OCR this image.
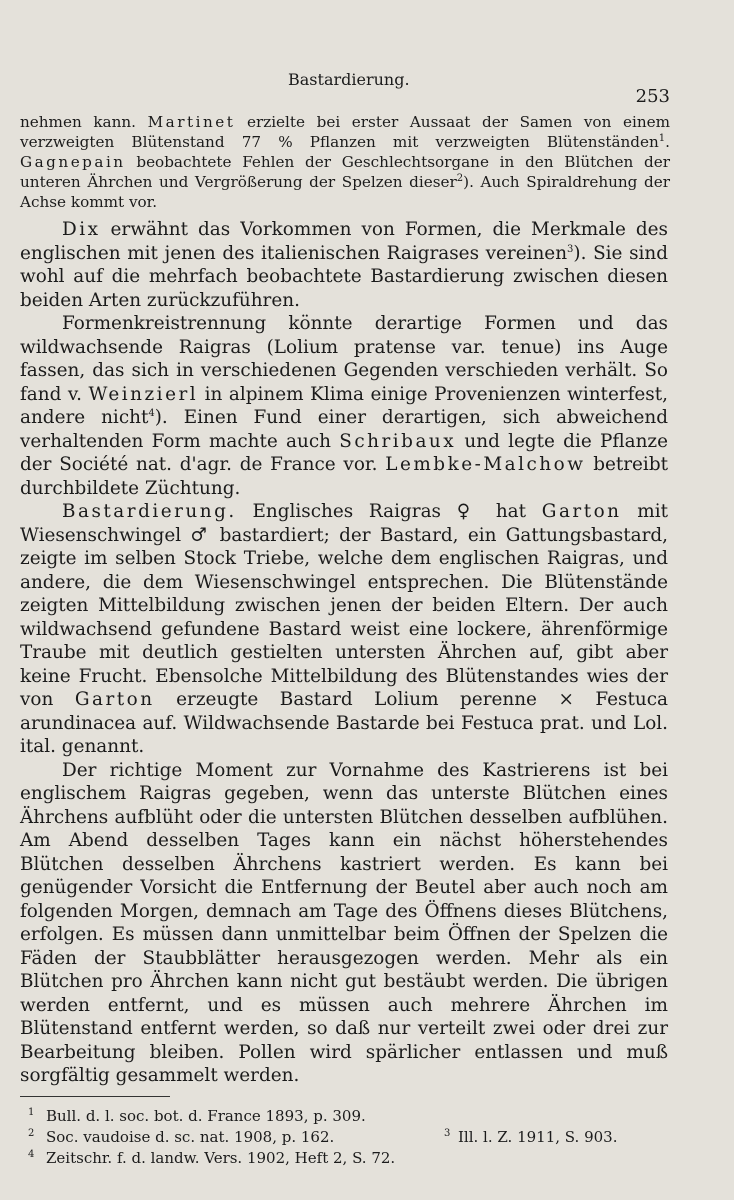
Bastardierung.
253

nehmen kann. Martinet erzielte bei erster Aussaat der Samen von einem verzweigten Blütenstand 77 % Pflanzen mit verzweigten Blütenständen$^1$. Gagnepain beobachtete Fehlen der Geschlechtsorgane in den Blütchen der unteren Ährchen und Vergrößerung der Spelzen dieser$^2$). Auch Spiraldrehung der Achse kommt vor.

Dix erwähnt das Vorkommen von Formen, die Merkmale des englischen mit jenen des italienischen Raigrases vereinen$^3$). Sie sind wohl auf die mehrfach beobachtete Bastardierung zwischen diesen beiden Arten zurückzuführen.

Formenkreistrennung könnte derartige Formen und das wildwachsende Raigras (Lolium pratense var. tenue) ins Auge fassen, das sich in verschiedenen Gegenden verschieden verhält. So fand v. Weinzierl in alpinem Klima einige Provenienzen winterfest, andere nicht$^4$). Einen Fund einer derartigen, sich abweichend verhaltenden Form machte auch Schribaux und legte die Pflanze der Société nat. d'agr. de France vor. Lembke-Malchow betreibt durchbildete Züchtung.

Bastardierung. Englisches Raigras ♀ hat Garton mit Wiesenschwingel ♂ bastardiert; der Bastard, ein Gattungsbastard, zeigte im selben Stock Triebe, welche dem englischen Raigras, und andere, die dem Wiesenschwingel entsprechen. Die Blütenstände zeigten Mittelbildung zwischen jenen der beiden Eltern. Der auch wildwachsend gefundene Bastard weist eine lockere, ährenförmige Traube mit deutlich gestielten untersten Ährchen auf, gibt aber keine Frucht. Ebensolche Mittelbildung des Blütenstandes wies der von Garton erzeugte Bastard Lolium perenne × Festuca arundinacea auf. Wildwachsende Bastarde bei Festuca prat. und Lol. ital. genannt.

Der richtige Moment zur Vornahme des Kastrierens ist bei englischem Raigras gegeben, wenn das unterste Blütchen eines Ährchens aufblüht oder die untersten Blütchen desselben aufblühen. Am Abend desselben Tages kann ein nächst höherstehendes Blütchen desselben Ährchens kastriert werden. Es kann bei genügender Vorsicht die Entfernung der Beutel aber auch noch am folgenden Morgen, demnach am Tage des Öffnens dieses Blütchens, erfolgen. Es müssen dann unmittelbar beim Öffnen der Spelzen die Fäden der Staubblätter herausgezogen werden. Mehr als ein Blütchen pro Ährchen kann nicht gut bestäubt werden. Die übrigen werden entfernt, und es müssen auch mehrere Ährchen im Blütenstand entfernt werden, so daß nur verteilt zwei oder drei zur Bearbeitung bleiben. Pollen wird spärlicher entlassen und muß sorgfältig gesammelt werden.

1 Bull. d. l. soc. bot. d. France 1893, p. 309.
2 Soc. vaudoise d. sc. nat. 1908, p. 162.	3 Ill. l. Z. 1911, S. 903.
4 Zeitschr. f. d. landw. Vers. 1902, Heft 2, S. 72.
